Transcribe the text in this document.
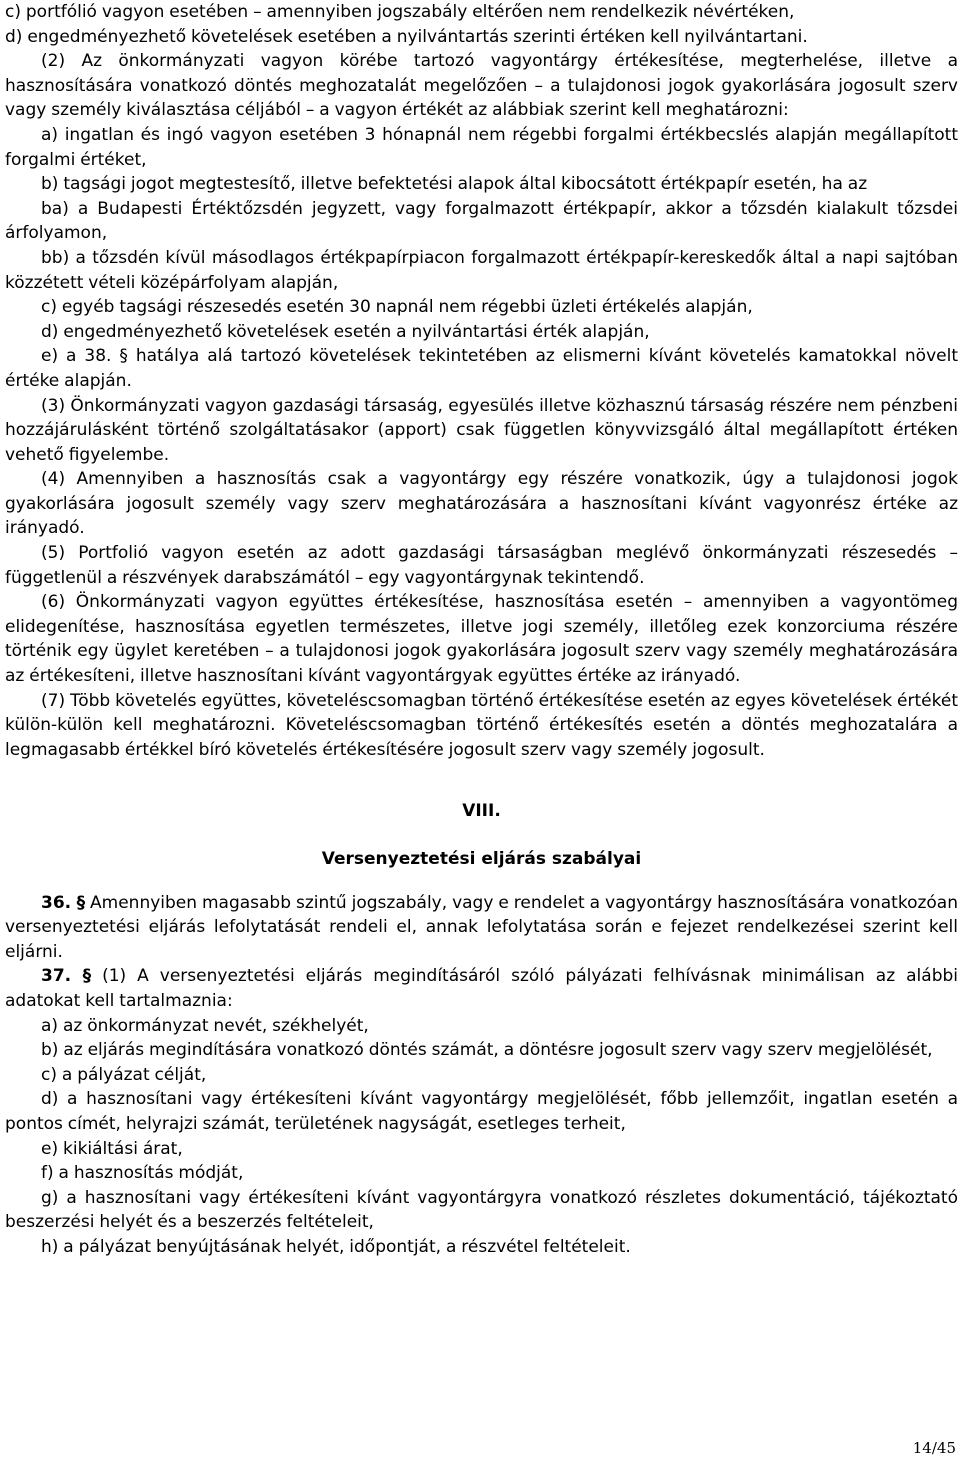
c) portfólió vagyon esetében – amennyiben jogszabály eltérően nem rendelkezik névértéken,

d) engedményezhető követelések esetében a nyilvántartás szerinti értéken kell nyilvántartani.

(2) Az önkormányzati vagyon körébe tartozó vagyontárgy értékesítése, megterhelése, illetve a hasznosítására vonatkozó döntés meghozatalát megelőzően – a tulajdonosi jogok gyakorlására jogosult szerv vagy személy kiválasztása céljából – a vagyon értékét az alábbiak szerint kell meghatározni:

a) ingatlan és ingó vagyon esetében 3 hónapnál nem régebbi forgalmi értékbecslés alapján megállapított forgalmi értéket,

b) tagsági jogot megtestesítő, illetve befektetési alapok által kibocsátott értékpapír esetén, ha az

ba) a Budapesti Értéktőzsdén jegyzett, vagy forgalmazott értékpapír, akkor a tőzsdén kialakult tőzsdei árfolyamon,

bb) a tőzsdén kívül másodlagos értékpapírpiacon forgalmazott értékpapír-kereskedők által a napi sajtóban közzétett vételi középárfolyam alapján,

c) egyéb tagsági részesedés esetén 30 napnál nem régebbi üzleti értékelés alapján,

d) engedményezhető követelések esetén a nyilvántartási érték alapján,

e) a 38. § hatálya alá tartozó követelések tekintetében az elismerni kívánt követelés kamatokkal növelt értéke alapján.

(3) Önkormányzati vagyon gazdasági társaság, egyesülés illetve közhasznú társaság részére nem pénzbeni hozzájárulásként történő szolgáltatásakor (apport) csak független könyvvizsgáló által megállapított értéken vehető figyelembe.

(4) Amennyiben a hasznosítás csak a vagyontárgy egy részére vonatkozik, úgy a tulajdonosi jogok gyakorlására jogosult személy vagy szerv meghatározására a hasznosítani kívánt vagyonrész értéke az irányadó.

(5) Portfolió vagyon esetén az adott gazdasági társaságban meglévő önkormányzati részesedés – függetlenül a részvények darabszámától – egy vagyontárgynak tekintendő.

(6) Önkormányzati vagyon együttes értékesítése, hasznosítása esetén – amennyiben a vagyontömeg elidegenítése, hasznosítása egyetlen természetes, illetve jogi személy, illetőleg ezek konzorciuma részére történik egy ügylet keretében – a tulajdonosi jogok gyakorlására jogosult szerv vagy személy meghatározására az értékesíteni, illetve hasznosítani kívánt vagyontárgyak együttes értéke az irányadó.

(7) Több követelés együttes, követeléscsomagban történő értékesítése esetén az egyes követelések értékét külön-külön kell meghatározni. Követeléscsomagban történő értékesítés esetén a döntés meghozatalára a legmagasabb értékkel bíró követelés értékesítésére jogosult szerv vagy személy jogosult.

VIII.

Versenyeztetési eljárás szabályai

36. § Amennyiben magasabb szintű jogszabály, vagy e rendelet a vagyontárgy hasznosítására vonatkozóan versenyeztetési eljárás lefolytatását rendeli el, annak lefolytatása során e fejezet rendelkezései szerint kell eljárni.

37. § (1) A versenyeztetési eljárás megindításáról szóló pályázati felhívásnak minimálisan az alábbi adatokat kell tartalmaznia:

a) az önkormányzat nevét, székhelyét,

b) az eljárás megindítására vonatkozó döntés számát, a döntésre jogosult szerv vagy szerv megjelölését,

c) a pályázat célját,

d) a hasznosítani vagy értékesíteni kívánt vagyontárgy megjelölését, főbb jellemzőit, ingatlan esetén a pontos címét, helyrajzi számát, területének nagyságát, esetleges terheit,

e) kikiáltási árat,

f) a hasznosítás módját,

g) a hasznosítani vagy értékesíteni kívánt vagyontárgyra vonatkozó részletes dokumentáció, tájékoztató beszerzési helyét és a beszerzés feltételeit,

h) a pályázat benyújtásának helyét, időpontját, a részvétel feltételeit.

14/45
